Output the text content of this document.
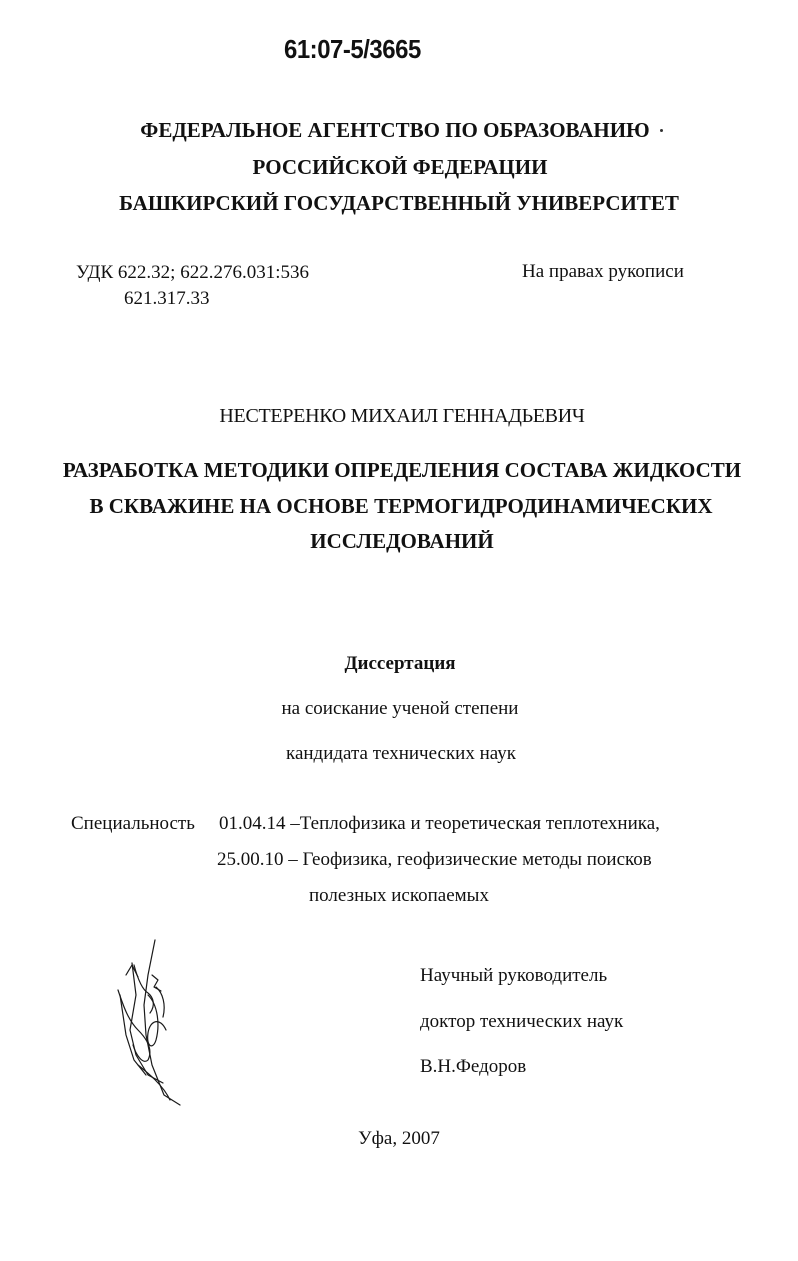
61:07-5/3665
ФЕДЕРАЛЬНОЕ АГЕНТСТВО ПО ОБРАЗОВАНИЮ
РОССИЙСКОЙ ФЕДЕРАЦИИ
БАШКИРСКИЙ ГОСУДАРСТВЕННЫЙ УНИВЕРСИТЕТ
УДК 622.32; 622.276.031:536
621.317.33
На правах рукописи
НЕСТЕРЕНКО МИХАИЛ ГЕННАДЬЕВИЧ
РАЗРАБОТКА МЕТОДИКИ ОПРЕДЕЛЕНИЯ СОСТАВА ЖИДКОСТИ
В СКВАЖИНЕ НА ОСНОВЕ ТЕРМОГИДРОДИНАМИЧЕСКИХ
ИССЛЕДОВАНИЙ
Диссертация
на соискание ученой степени
кандидата технических наук
Специальность 01.04.14 –Теплофизика и теоретическая теплотехника,
25.00.10 – Геофизика, геофизические методы поисков
полезных ископаемых
Научный руководитель
доктор технических наук
В.Н.Федоров
Уфа, 2007
